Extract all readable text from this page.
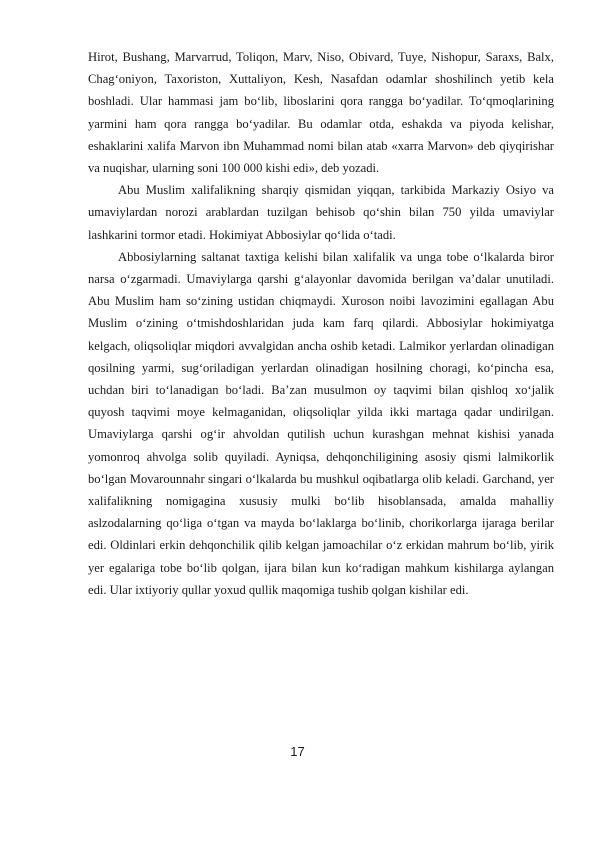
Hirot, Bushang, Marvarrud, Toliqon, Marv, Niso, Obivard, Tuye, Nishopur, Saraxs, Balx, Chag‘oniyon, Taxoriston, Xuttaliyon, Kesh, Nasafdan odamlar shoshilinch yetib kela boshladi. Ular hammasi jam bo‘lib, liboslarini qora rangga bo‘yadilar. To‘qmoqlarining yarmini ham qora rangga bo‘yadilar. Bu odamlar otda, eshakda va piyoda kelishar, eshaklarini xalifa Marvon ibn Muhammad nomi bilan atab «xarra Marvon» deb qiyqirishar va nuqishar, ularning soni 100 000 kishi edi», deb yozadi.

Abu Muslim xalifalikning sharqiy qismidan yiqqan, tarkibida Markaziy Osiyo va umaviylardan norozi arablardan tuzilgan behisob qo‘shin bilan 750 yilda umaviylar lashkarini tormor etadi. Hokimiyat Abbosiylar qo‘lida o‘tadi.

Abbosiylarning saltanat taxtiga kelishi bilan xalifalik va unga tobe o‘lkalarda biror narsa o‘zgarmadi. Umaviylarga qarshi g‘alayonlar davomida berilgan va’dalar unutiladi. Abu Muslim ham so‘zining ustidan chiqmaydi. Xuroson noibi lavozimini egallagan Abu Muslim o‘zining o‘tmishdoshlaridan juda kam farq qilardi. Abbosiylar hokimiyatga kelgach, oliqsoliqlar miqdori avvalgidan ancha oshib ketadi. Lalmikor yerlardan olinadigan qosilning yarmi, sug‘oriladigan yerlardan olinadigan hosilning choragi, ko‘pincha esa, uchdan biri to‘lanadigan bo‘ladi. Ba’zan musulmon oy taqvimi bilan qishloq xo‘jalik quyosh taqvimi moye kelmaganidan, oliqsoliqlar yilda ikki martaga qadar undirilgan. Umaviylarga qarshi og‘ir ahvoldan qutilish uchun kurashgan mehnat kishisi yanada yomonroq ahvolga solib quyiladi. Ayniqsa, dehqonchiligining asosiy qismi lalmikorlik bo‘lgan Movarounnahr singari o‘lkalarda bu mushkul oqibatlarga olib keladi. Garchand, yer xalifalikning nomigagina xususiy mulki bo‘lib hisoblansada, amalda mahalliy aslzodalarning qo‘liga o‘tgan va mayda bo‘laklarga bo‘linib, chorikorlarga ijaraga berilar edi. Oldinlari erkin dehqonchilik qilib kelgan jamoachilar o‘z erkidan mahrum bo‘lib, yirik yer egalariga tobe bo‘lib qolgan, ijara bilan kun ko‘radigan mahkum kishilarga aylangan edi. Ular ixtiyoriy qullar yoxud qullik maqomiga tushib qolgan kishilar edi.

17
